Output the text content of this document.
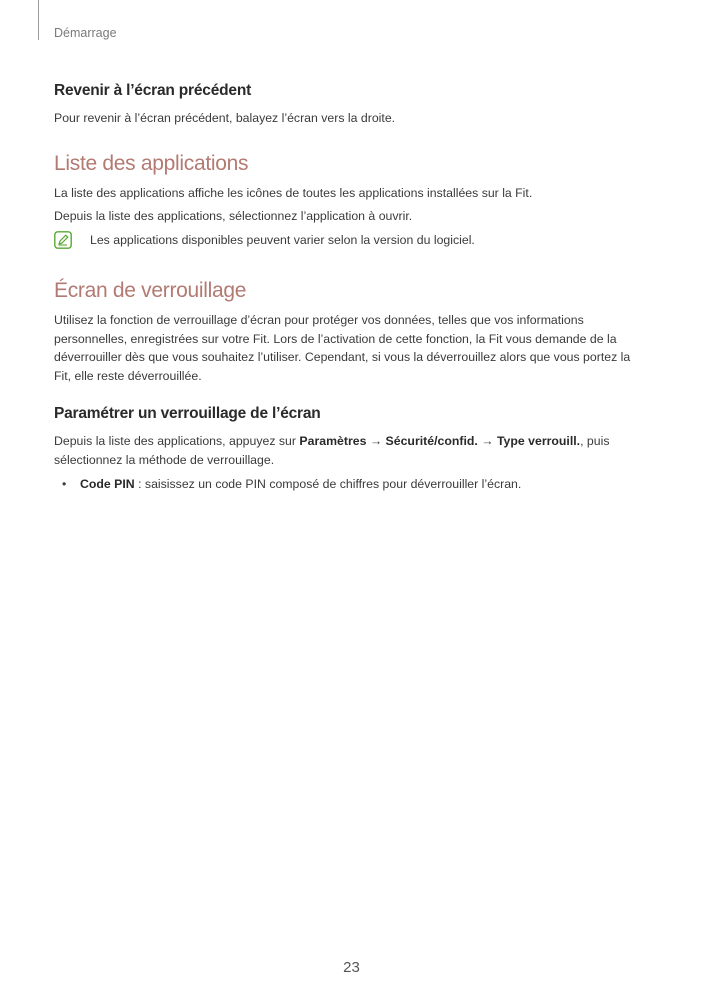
Démarrage
Revenir à l’écran précédent

Pour revenir à l’écran précédent, balayez l’écran vers la droite.

Liste des applications

La liste des applications affiche les icônes de toutes les applications installées sur la Fit.

Depuis la liste des applications, sélectionnez l’application à ouvrir.

Les applications disponibles peuvent varier selon la version du logiciel.
Écran de verrouillage

Utilisez la fonction de verrouillage d’écran pour protéger vos données, telles que vos informations personnelles, enregistrées sur votre Fit. Lors de l’activation de cette fonction, la Fit vous demande de la déverrouiller dès que vous souhaitez l’utiliser. Cependant, si vous la déverrouillez alors que vous portez la Fit, elle reste déverrouillée.

Paramétrer un verrouillage de l’écran

Depuis la liste des applications, appuyez sur Paramètres → Sécurité/confid. → Type verrouill., puis sélectionnez la méthode de verrouillage.

•	Code PIN : saisissez un code PIN composé de chiffres pour déverrouiller l’écran.
23
